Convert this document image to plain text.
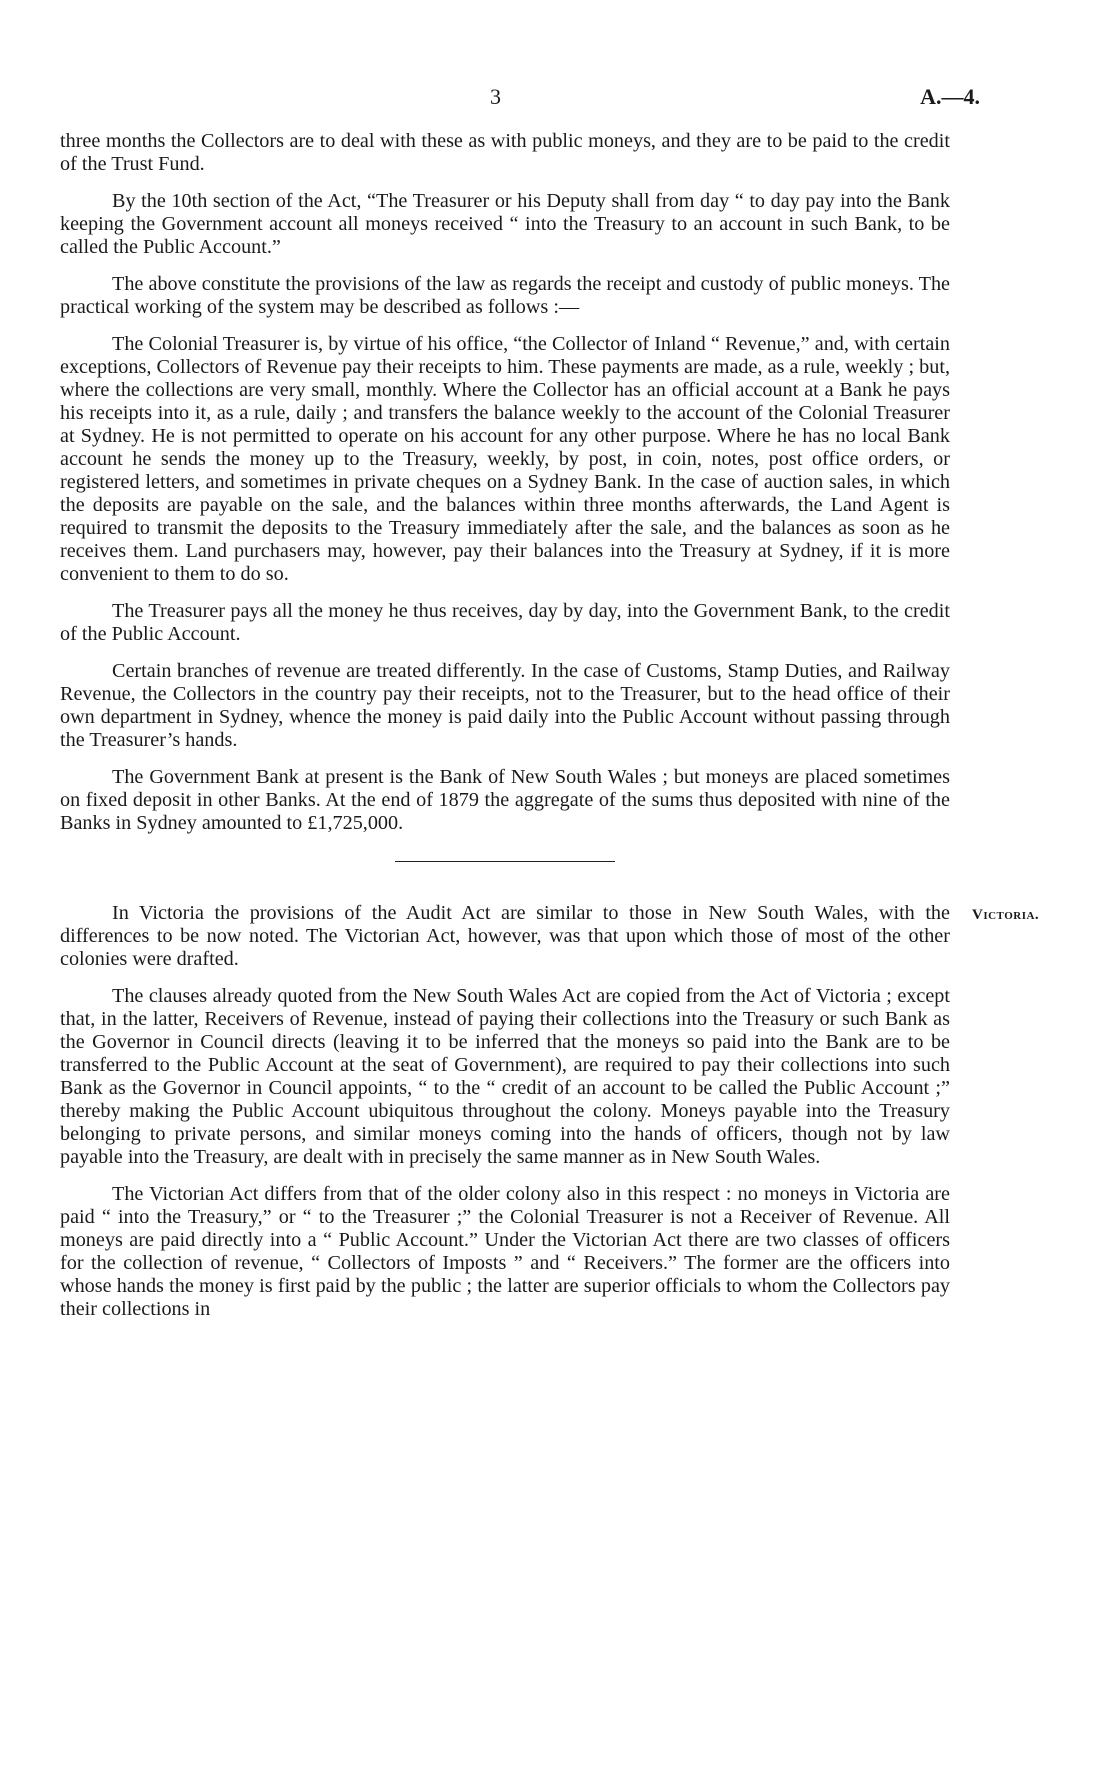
3	A.—4.

three months the Collectors are to deal with these as with public moneys, and they are to be paid to the credit of the Trust Fund.

By the 10th section of the Act, “The Treasurer or his Deputy shall from day “ to day pay into the Bank keeping the Government account all moneys received “ into the Treasury to an account in such Bank, to be called the Public Account.”

The above constitute the provisions of the law as regards the receipt and custody of public moneys. The practical working of the system may be described as follows :—

The Colonial Treasurer is, by virtue of his office, “the Collector of Inland “ Revenue,” and, with certain exceptions, Collectors of Revenue pay their receipts to him. These payments are made, as a rule, weekly ; but, where the collections are very small, monthly. Where the Collector has an official account at a Bank he pays his receipts into it, as a rule, daily ; and transfers the balance weekly to the account of the Colonial Treasurer at Sydney. He is not permitted to operate on his account for any other purpose. Where he has no local Bank account he sends the money up to the Treasury, weekly, by post, in coin, notes, post office orders, or registered letters, and sometimes in private cheques on a Sydney Bank. In the case of auction sales, in which the deposits are payable on the sale, and the balances within three months afterwards, the Land Agent is required to transmit the deposits to the Treasury immediately after the sale, and the balances as soon as he receives them. Land purchasers may, however, pay their balances into the Treasury at Sydney, if it is more convenient to them to do so.

The Treasurer pays all the money he thus receives, day by day, into the Government Bank, to the credit of the Public Account.

Certain branches of revenue are treated differently. In the case of Customs, Stamp Duties, and Railway Revenue, the Collectors in the country pay their receipts, not to the Treasurer, but to the head office of their own department in Sydney, whence the money is paid daily into the Public Account without passing through the Treasurer’s hands.

The Government Bank at present is the Bank of New South Wales ; but moneys are placed sometimes on fixed deposit in other Banks. At the end of 1879 the aggregate of the sums thus deposited with nine of the Banks in Sydney amounted to £1,725,000.

Victoria.

In Victoria the provisions of the Audit Act are similar to those in New South Wales, with the differences to be now noted. The Victorian Act, however, was that upon which those of most of the other colonies were drafted.

The clauses already quoted from the New South Wales Act are copied from the Act of Victoria ; except that, in the latter, Receivers of Revenue, instead of paying their collections into the Treasury or such Bank as the Governor in Council directs (leaving it to be inferred that the moneys so paid into the Bank are to be transferred to the Public Account at the seat of Government), are required to pay their collections into such Bank as the Governor in Council appoints, “ to the “ credit of an account to be called the Public Account ;” thereby making the Public Account ubiquitous throughout the colony. Moneys payable into the Treasury belonging to private persons, and similar moneys coming into the hands of officers, though not by law payable into the Treasury, are dealt with in precisely the same manner as in New South Wales.

The Victorian Act differs from that of the older colony also in this respect : no moneys in Victoria are paid “ into the Treasury,” or “ to the Treasurer ;” the Colonial Treasurer is not a Receiver of Revenue. All moneys are paid directly into a “ Public Account.” Under the Victorian Act there are two classes of officers for the collection of revenue, “ Collectors of Imposts ” and “ Receivers.” The former are the officers into whose hands the money is first paid by the public ; the latter are superior officials to whom the Collectors pay their collections in
